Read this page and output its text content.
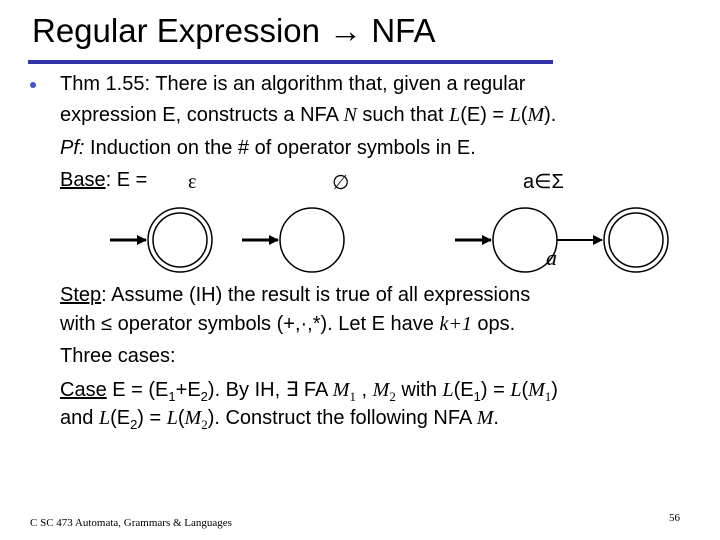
Regular Expression → NFA
Thm 1.55: There is an algorithm that, given a regular
expression E, constructs a NFA N such that L(E) = L(M).
Pf: Induction on the # of operator symbols in E.
Base: E = ε	∅	a∈Σ
a
Step: Assume (IH) the result is true of all expressions
with ≤ operator symbols (+,·,*). Let E have k+1 ops.
Three cases:
Case $E = (E_1+E_2)$. By IH, ∃ FA $M_1$ , $M_2$ with $L(E_1) = L(M_1)$
and $L(E_2) = L(M_2)$. Construct the following NFA M.
C SC 473 Automata, Grammars & Languages	56
